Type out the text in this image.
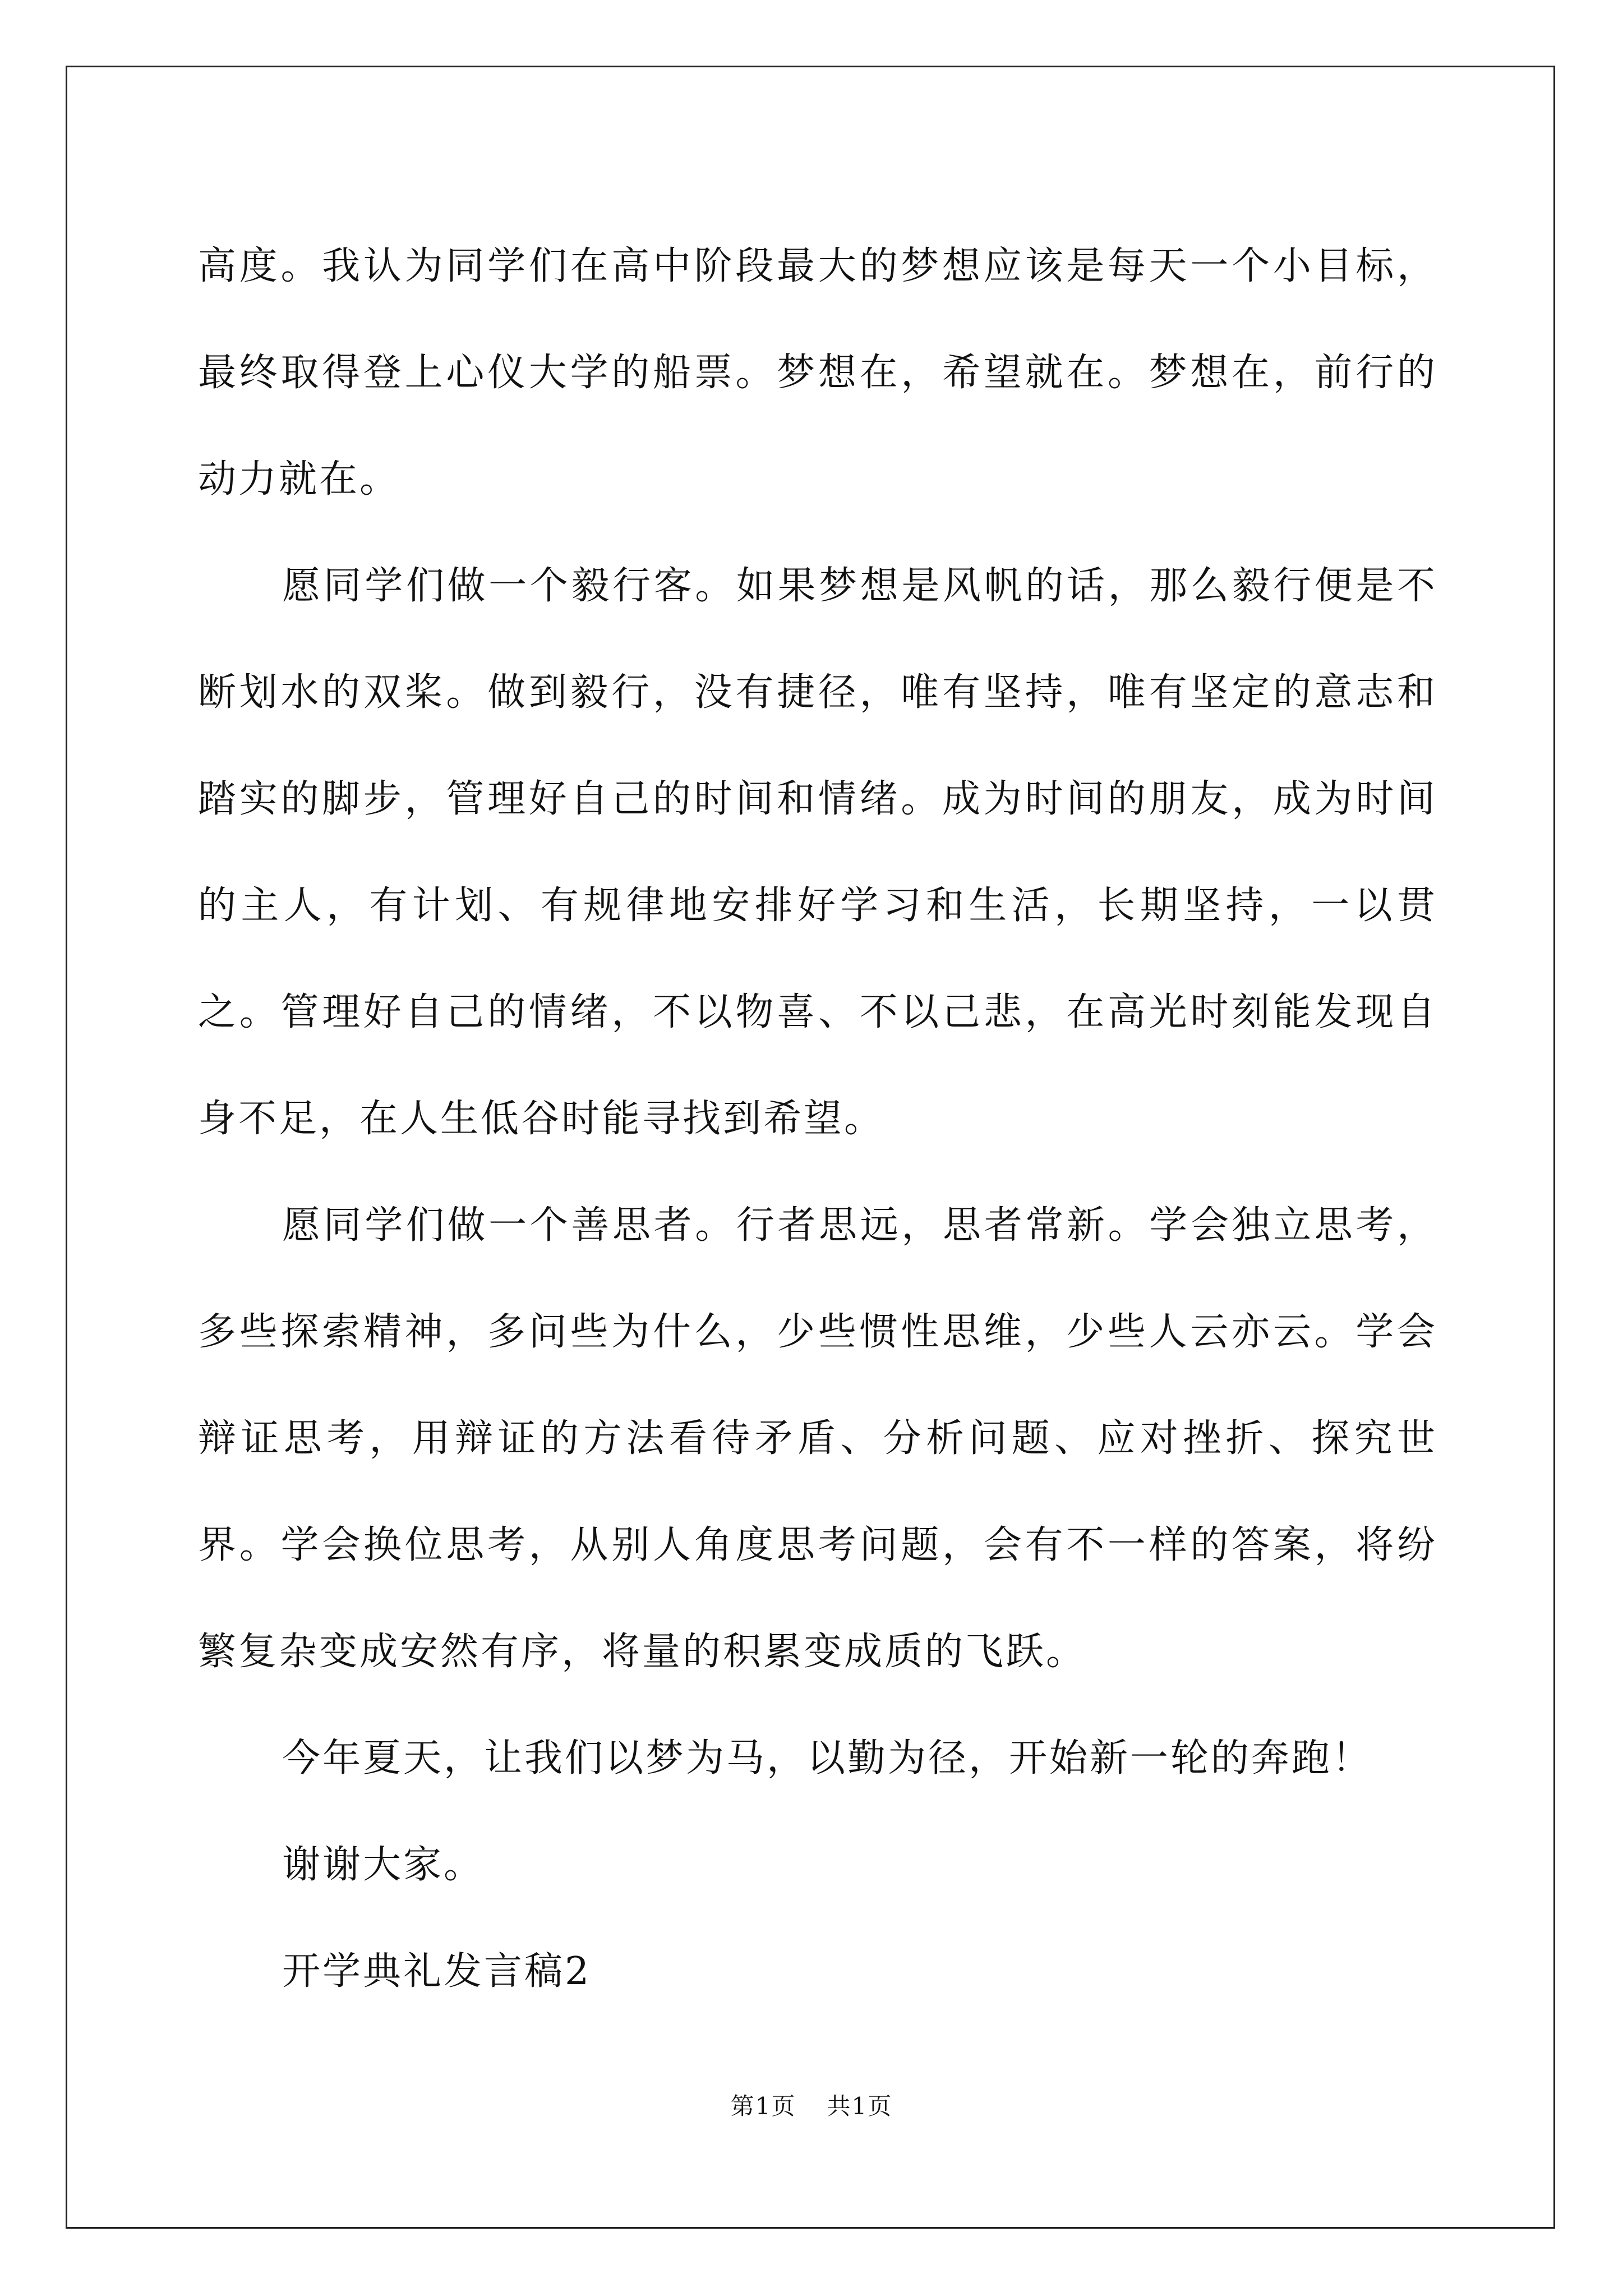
高度。我认为同学们在高中阶段最大的梦想应该是每天一个小目标，最终取得登上心仪大学的船票。梦想在，希望就在。梦想在，前行的动力就在。

愿同学们做一个毅行客。如果梦想是风帆的话，那么毅行便是不断划水的双桨。做到毅行，没有捷径，唯有坚持，唯有坚定的意志和踏实的脚步，管理好自己的时间和情绪。成为时间的朋友，成为时间的主人，有计划、有规律地安排好学习和生活，长期坚持，一以贯之。管理好自己的情绪，不以物喜、不以己悲，在高光时刻能发现自身不足，在人生低谷时能寻找到希望。

愿同学们做一个善思者。行者思远，思者常新。学会独立思考，多些探索精神，多问些为什么，少些惯性思维，少些人云亦云。学会辩证思考，用辩证的方法看待矛盾、分析问题、应对挫折、探究世界。学会换位思考，从别人角度思考问题，会有不一样的答案，将纷繁复杂变成安然有序，将量的积累变成质的飞跃。

今年夏天，让我们以梦为马，以勤为径，开始新一轮的奔跑！

谢谢大家。

开学典礼发言稿2

第1页 共1页
